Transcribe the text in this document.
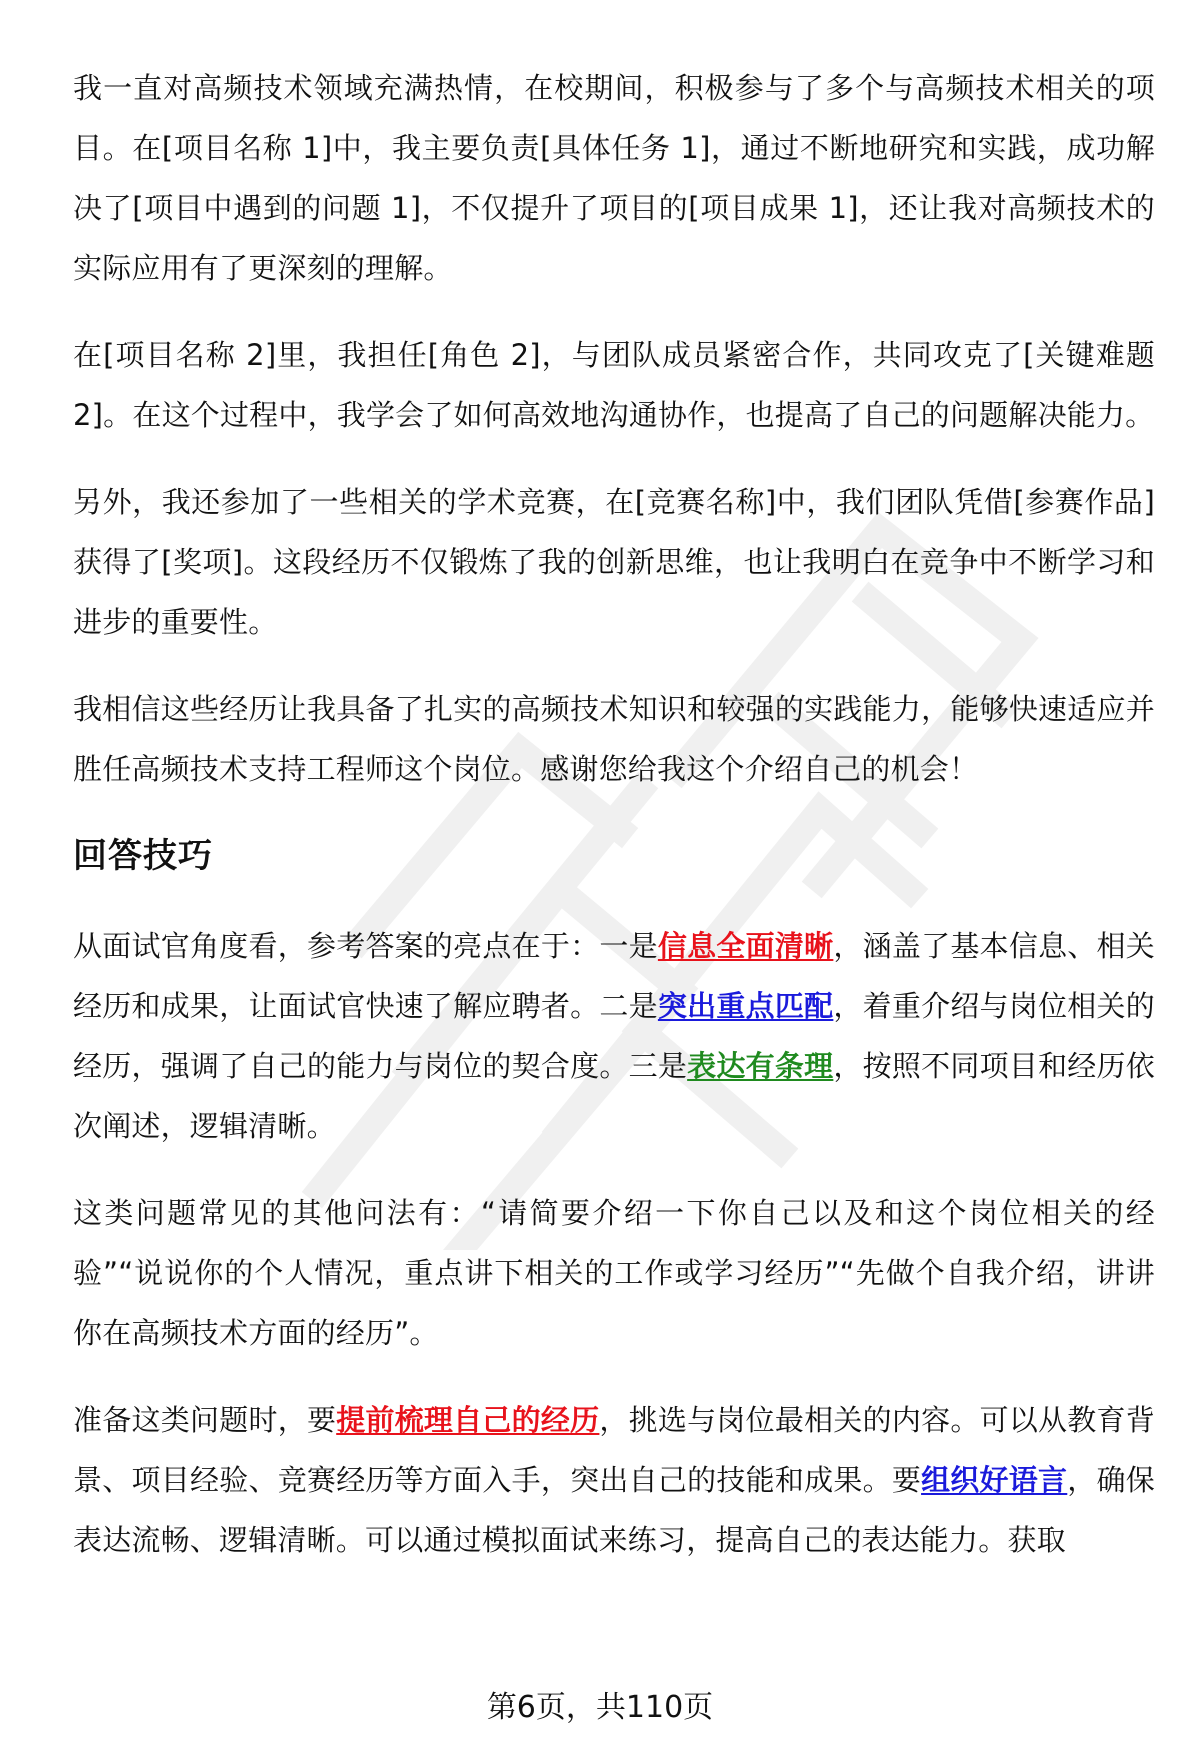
我一直对高频技术领域充满热情，在校期间，积极参与了多个与高频技术相关的项目。在[项目名称 1]中，我主要负责[具体任务 1]，通过不断地研究和实践，成功解决了[项目中遇到的问题 1]，不仅提升了项目的[项目成果 1]，还让我对高频技术的实际应用有了更深刻的理解。

在[项目名称 2]里，我担任[角色 2]，与团队成员紧密合作，共同攻克了[关键难题 2]。在这个过程中，我学会了如何高效地沟通协作，也提高了自己的问题解决能力。

另外，我还参加了一些相关的学术竞赛，在[竞赛名称]中，我们团队凭借[参赛作品]获得了[奖项]。这段经历不仅锻炼了我的创新思维，也让我明白在竞争中不断学习和进步的重要性。

我相信这些经历让我具备了扎实的高频技术知识和较强的实践能力，能够快速适应并胜任高频技术支持工程师这个岗位。感谢您给我这个介绍自己的机会！

回答技巧

从面试官角度看，参考答案的亮点在于：一是信息全面清晰，涵盖了基本信息、相关经历和成果，让面试官快速了解应聘者。二是突出重点匹配，着重介绍与岗位相关的经历，强调了自己的能力与岗位的契合度。三是表达有条理，按照不同项目和经历依次阐述，逻辑清晰。

这类问题常见的其他问法有：“请简要介绍一下你自己以及和这个岗位相关的经验”“说说你的个人情况，重点讲下相关的工作或学习经历”“先做个自我介绍，讲讲你在高频技术方面的经历”。

准备这类问题时，要提前梳理自己的经历，挑选与岗位最相关的内容。可以从教育背景、项目经验、竞赛经历等方面入手，突出自己的技能和成果。要组织好语言，确保表达流畅、逻辑清晰。可以通过模拟面试来练习，提高自己的表达能力。获取

第6页，共110页
